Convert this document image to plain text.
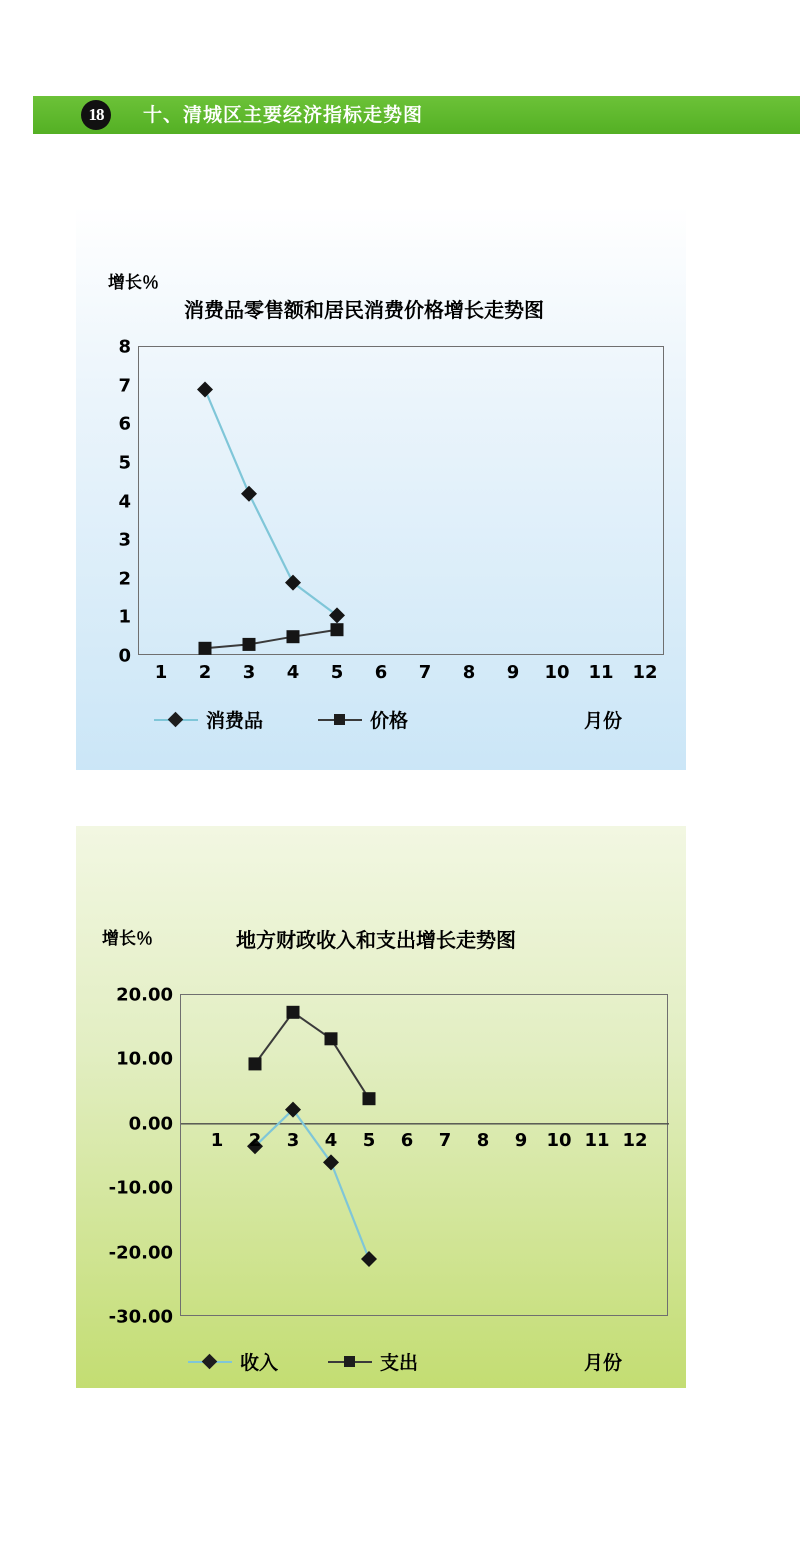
18	十、清城区主要经济指标走势图
增长％
消费品零售额和居民消费价格增长走势图
8
7
6
5
4
3
2
1
0
1 2 3 4 5 6 7 8 9 10 11 12
消费品	价格	月份
增长％	地方财政收入和支出增长走势图
20.00
10.00
0.00
-10.00
-20.00
-30.00
1 2 3 4 5 6 7 8 9 10 11 12
收入	支出	月份
